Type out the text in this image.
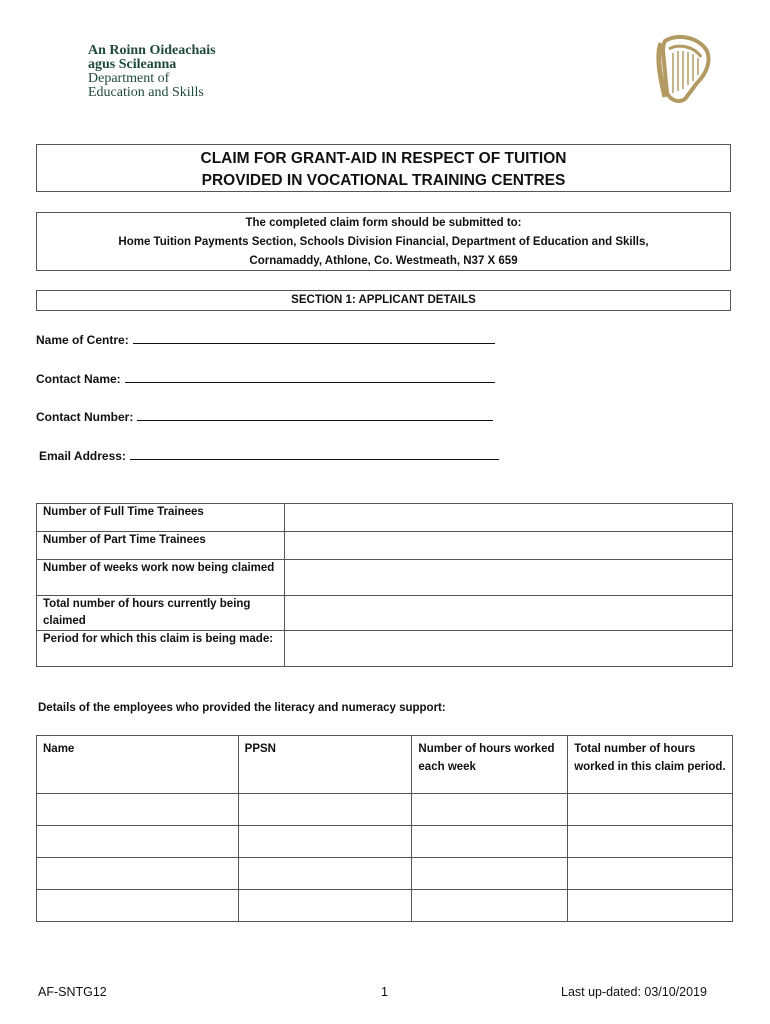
An Roinn Oideachais
agus Scileanna
Department of
Education and Skills
CLAIM FOR GRANT-AID IN RESPECT OF TUITION
PROVIDED IN VOCATIONAL TRAINING CENTRES
The completed claim form should be submitted to:
Home Tuition Payments Section, Schools Division Financial, Department of Education and Skills,
Cornamaddy, Athlone, Co. Westmeath, N37 X 659
SECTION 1: APPLICANT DETAILS
Name of Centre:
Contact Name:
Contact Number:
Email Address:
Number of Full Time Trainees	
Number of Part Time Trainees	
Number of weeks work now being claimed	
Total number of hours currently being claimed	
Period for which this claim is being made:	
Details of the employees who provided the literacy and numeracy support:
Name	PPSN	Number of hours worked each week	Total number of hours worked in this claim period.

AF-SNTG12	1	Last up-dated: 03/10/2019
